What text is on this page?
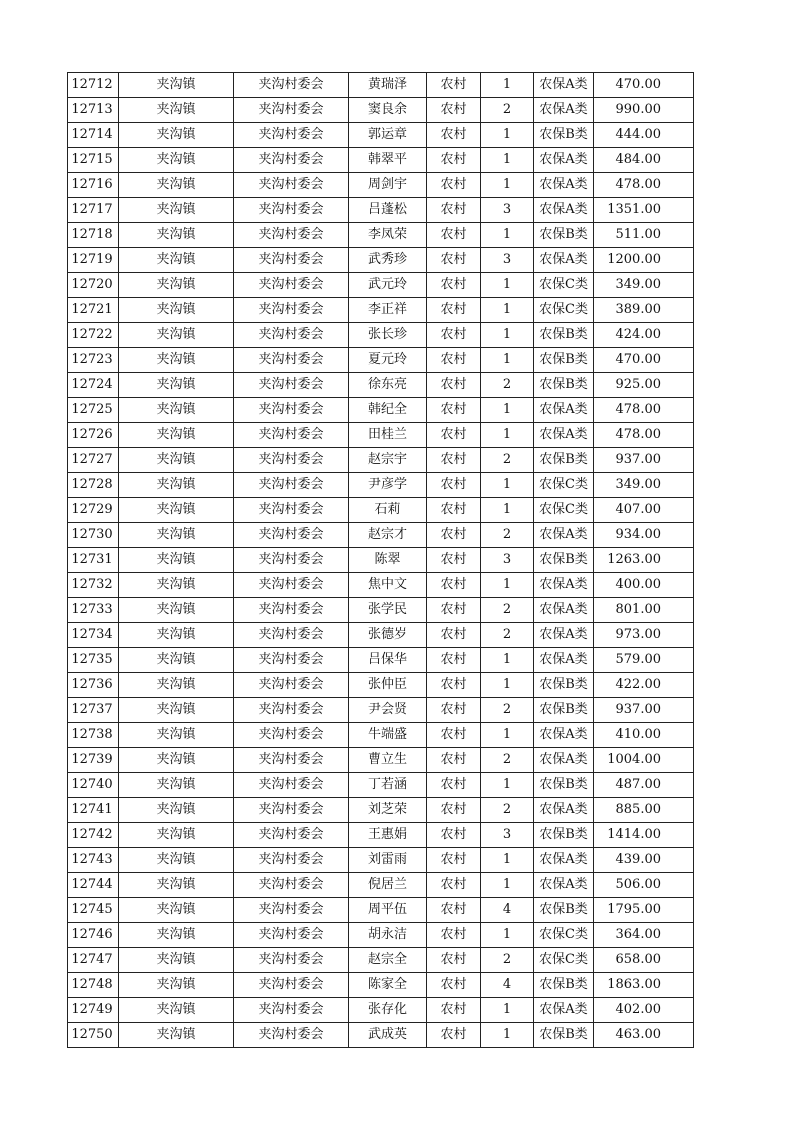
12712	夹沟镇	夹沟村委会	黄瑞泽	农村	1	农保A类	470.00
12713	夹沟镇	夹沟村委会	窦良余	农村	2	农保A类	990.00
12714	夹沟镇	夹沟村委会	郭运章	农村	1	农保B类	444.00
12715	夹沟镇	夹沟村委会	韩翠平	农村	1	农保A类	484.00
12716	夹沟镇	夹沟村委会	周剑宇	农村	1	农保A类	478.00
12717	夹沟镇	夹沟村委会	吕蓬松	农村	3	农保A类	1351.00
12718	夹沟镇	夹沟村委会	李凤荣	农村	1	农保B类	511.00
12719	夹沟镇	夹沟村委会	武秀珍	农村	3	农保A类	1200.00
12720	夹沟镇	夹沟村委会	武元玲	农村	1	农保C类	349.00
12721	夹沟镇	夹沟村委会	李正祥	农村	1	农保C类	389.00
12722	夹沟镇	夹沟村委会	张长珍	农村	1	农保B类	424.00
12723	夹沟镇	夹沟村委会	夏元玲	农村	1	农保B类	470.00
12724	夹沟镇	夹沟村委会	徐东亮	农村	2	农保B类	925.00
12725	夹沟镇	夹沟村委会	韩纪全	农村	1	农保A类	478.00
12726	夹沟镇	夹沟村委会	田桂兰	农村	1	农保A类	478.00
12727	夹沟镇	夹沟村委会	赵宗宇	农村	2	农保B类	937.00
12728	夹沟镇	夹沟村委会	尹彦学	农村	1	农保C类	349.00
12729	夹沟镇	夹沟村委会	石莉	农村	1	农保C类	407.00
12730	夹沟镇	夹沟村委会	赵宗才	农村	2	农保A类	934.00
12731	夹沟镇	夹沟村委会	陈翠	农村	3	农保B类	1263.00
12732	夹沟镇	夹沟村委会	焦中文	农村	1	农保A类	400.00
12733	夹沟镇	夹沟村委会	张学民	农村	2	农保A类	801.00
12734	夹沟镇	夹沟村委会	张德岁	农村	2	农保A类	973.00
12735	夹沟镇	夹沟村委会	吕保华	农村	1	农保A类	579.00
12736	夹沟镇	夹沟村委会	张仲臣	农村	1	农保B类	422.00
12737	夹沟镇	夹沟村委会	尹会贤	农村	2	农保B类	937.00
12738	夹沟镇	夹沟村委会	牛端盛	农村	1	农保A类	410.00
12739	夹沟镇	夹沟村委会	曹立生	农村	2	农保A类	1004.00
12740	夹沟镇	夹沟村委会	丁若涵	农村	1	农保B类	487.00
12741	夹沟镇	夹沟村委会	刘芝荣	农村	2	农保A类	885.00
12742	夹沟镇	夹沟村委会	王惠娟	农村	3	农保B类	1414.00
12743	夹沟镇	夹沟村委会	刘雷雨	农村	1	农保A类	439.00
12744	夹沟镇	夹沟村委会	倪居兰	农村	1	农保A类	506.00
12745	夹沟镇	夹沟村委会	周平伍	农村	4	农保B类	1795.00
12746	夹沟镇	夹沟村委会	胡永洁	农村	1	农保C类	364.00
12747	夹沟镇	夹沟村委会	赵宗全	农村	2	农保C类	658.00
12748	夹沟镇	夹沟村委会	陈家全	农村	4	农保B类	1863.00
12749	夹沟镇	夹沟村委会	张存化	农村	1	农保A类	402.00
12750	夹沟镇	夹沟村委会	武成英	农村	1	农保B类	463.00
